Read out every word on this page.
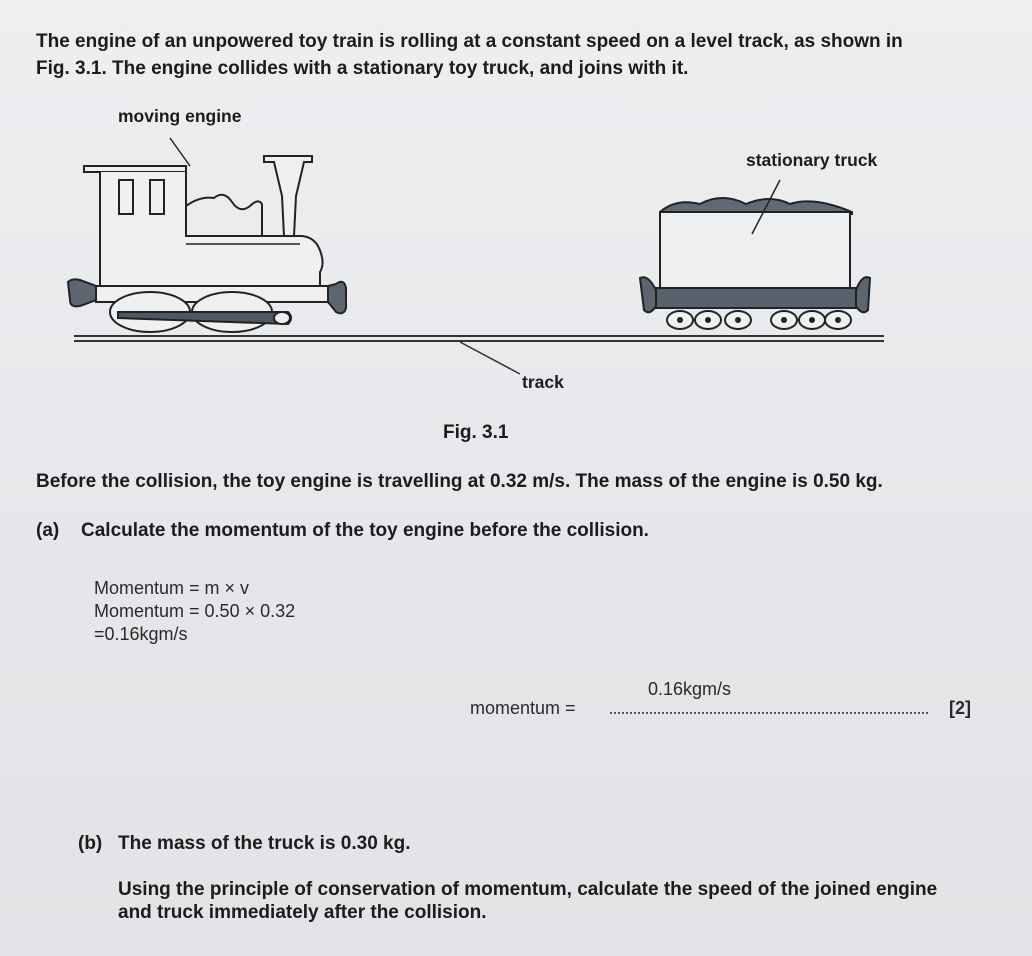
The engine of an unpowered toy train is rolling at a constant speed on a level track, as shown in
Fig. 3.1. The engine collides with a stationary toy truck, and joins with it.
moving engine
stationary truck
track
Fig. 3.1
Before the collision, the toy engine is travelling at 0.32 m/s. The mass of the engine is 0.50 kg.
(a) Calculate the momentum of the toy engine before the collision.
Momentum = m × v
Momentum = 0.50 × 0.32
=0.16kgm/s
0.16kgm/s
momentum =	[2]
(b) The mass of the truck is 0.30 kg.
Using the principle of conservation of momentum, calculate the speed of the joined engine
and truck immediately after the collision.
